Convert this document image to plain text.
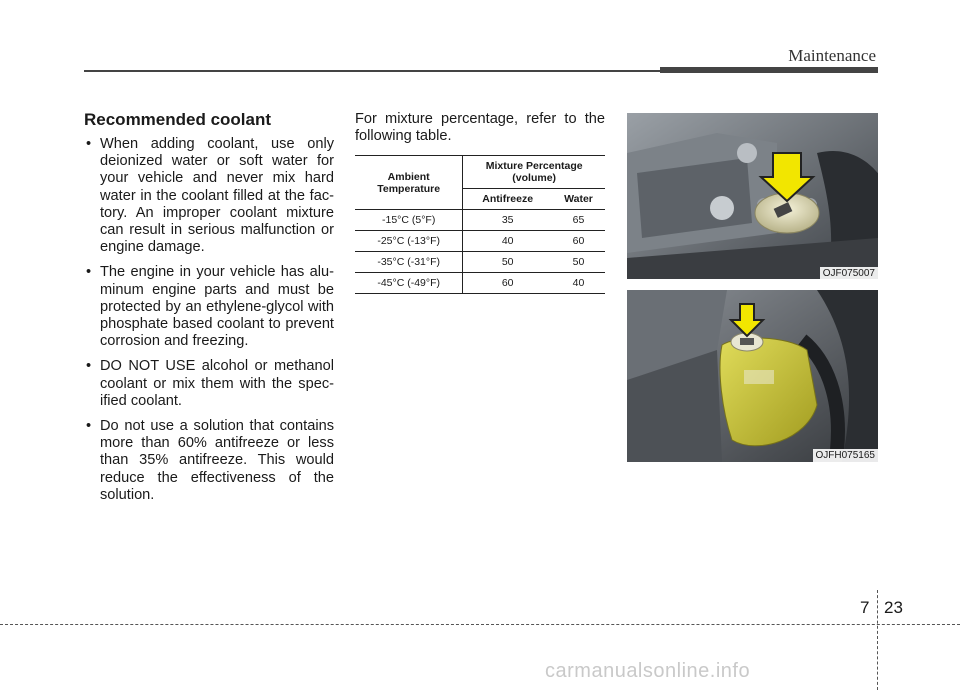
Maintenance
Recommended coolant
• When adding coolant, use only deionized water or soft water for your vehicle and never mix hard water in the coolant filled at the fac-tory. An improper coolant mixture can result in serious malfunction or engine damage.
• The engine in your vehicle has alu-minum engine parts and must be protected by an ethylene-glycol with phosphate based coolant to prevent corrosion and freezing.
• DO NOT USE alcohol or methanol coolant or mix them with the spec-ified coolant.
• Do not use a solution that contains more than 60% antifreeze or less than 35% antifreeze. This would reduce the effectiveness of the solution.

For mixture percentage, refer to the following table.

Ambient Temperature	Mixture Percentage (volume)	
	Antifreeze	Water
-15°C (5°F)	35	65
-25°C (-13°F)	40	60
-35°C (-31°F)	50	50
-45°C (-49°F)	60	40
OJF075007
OJFH075165
7 23
carmanualsonline.info
